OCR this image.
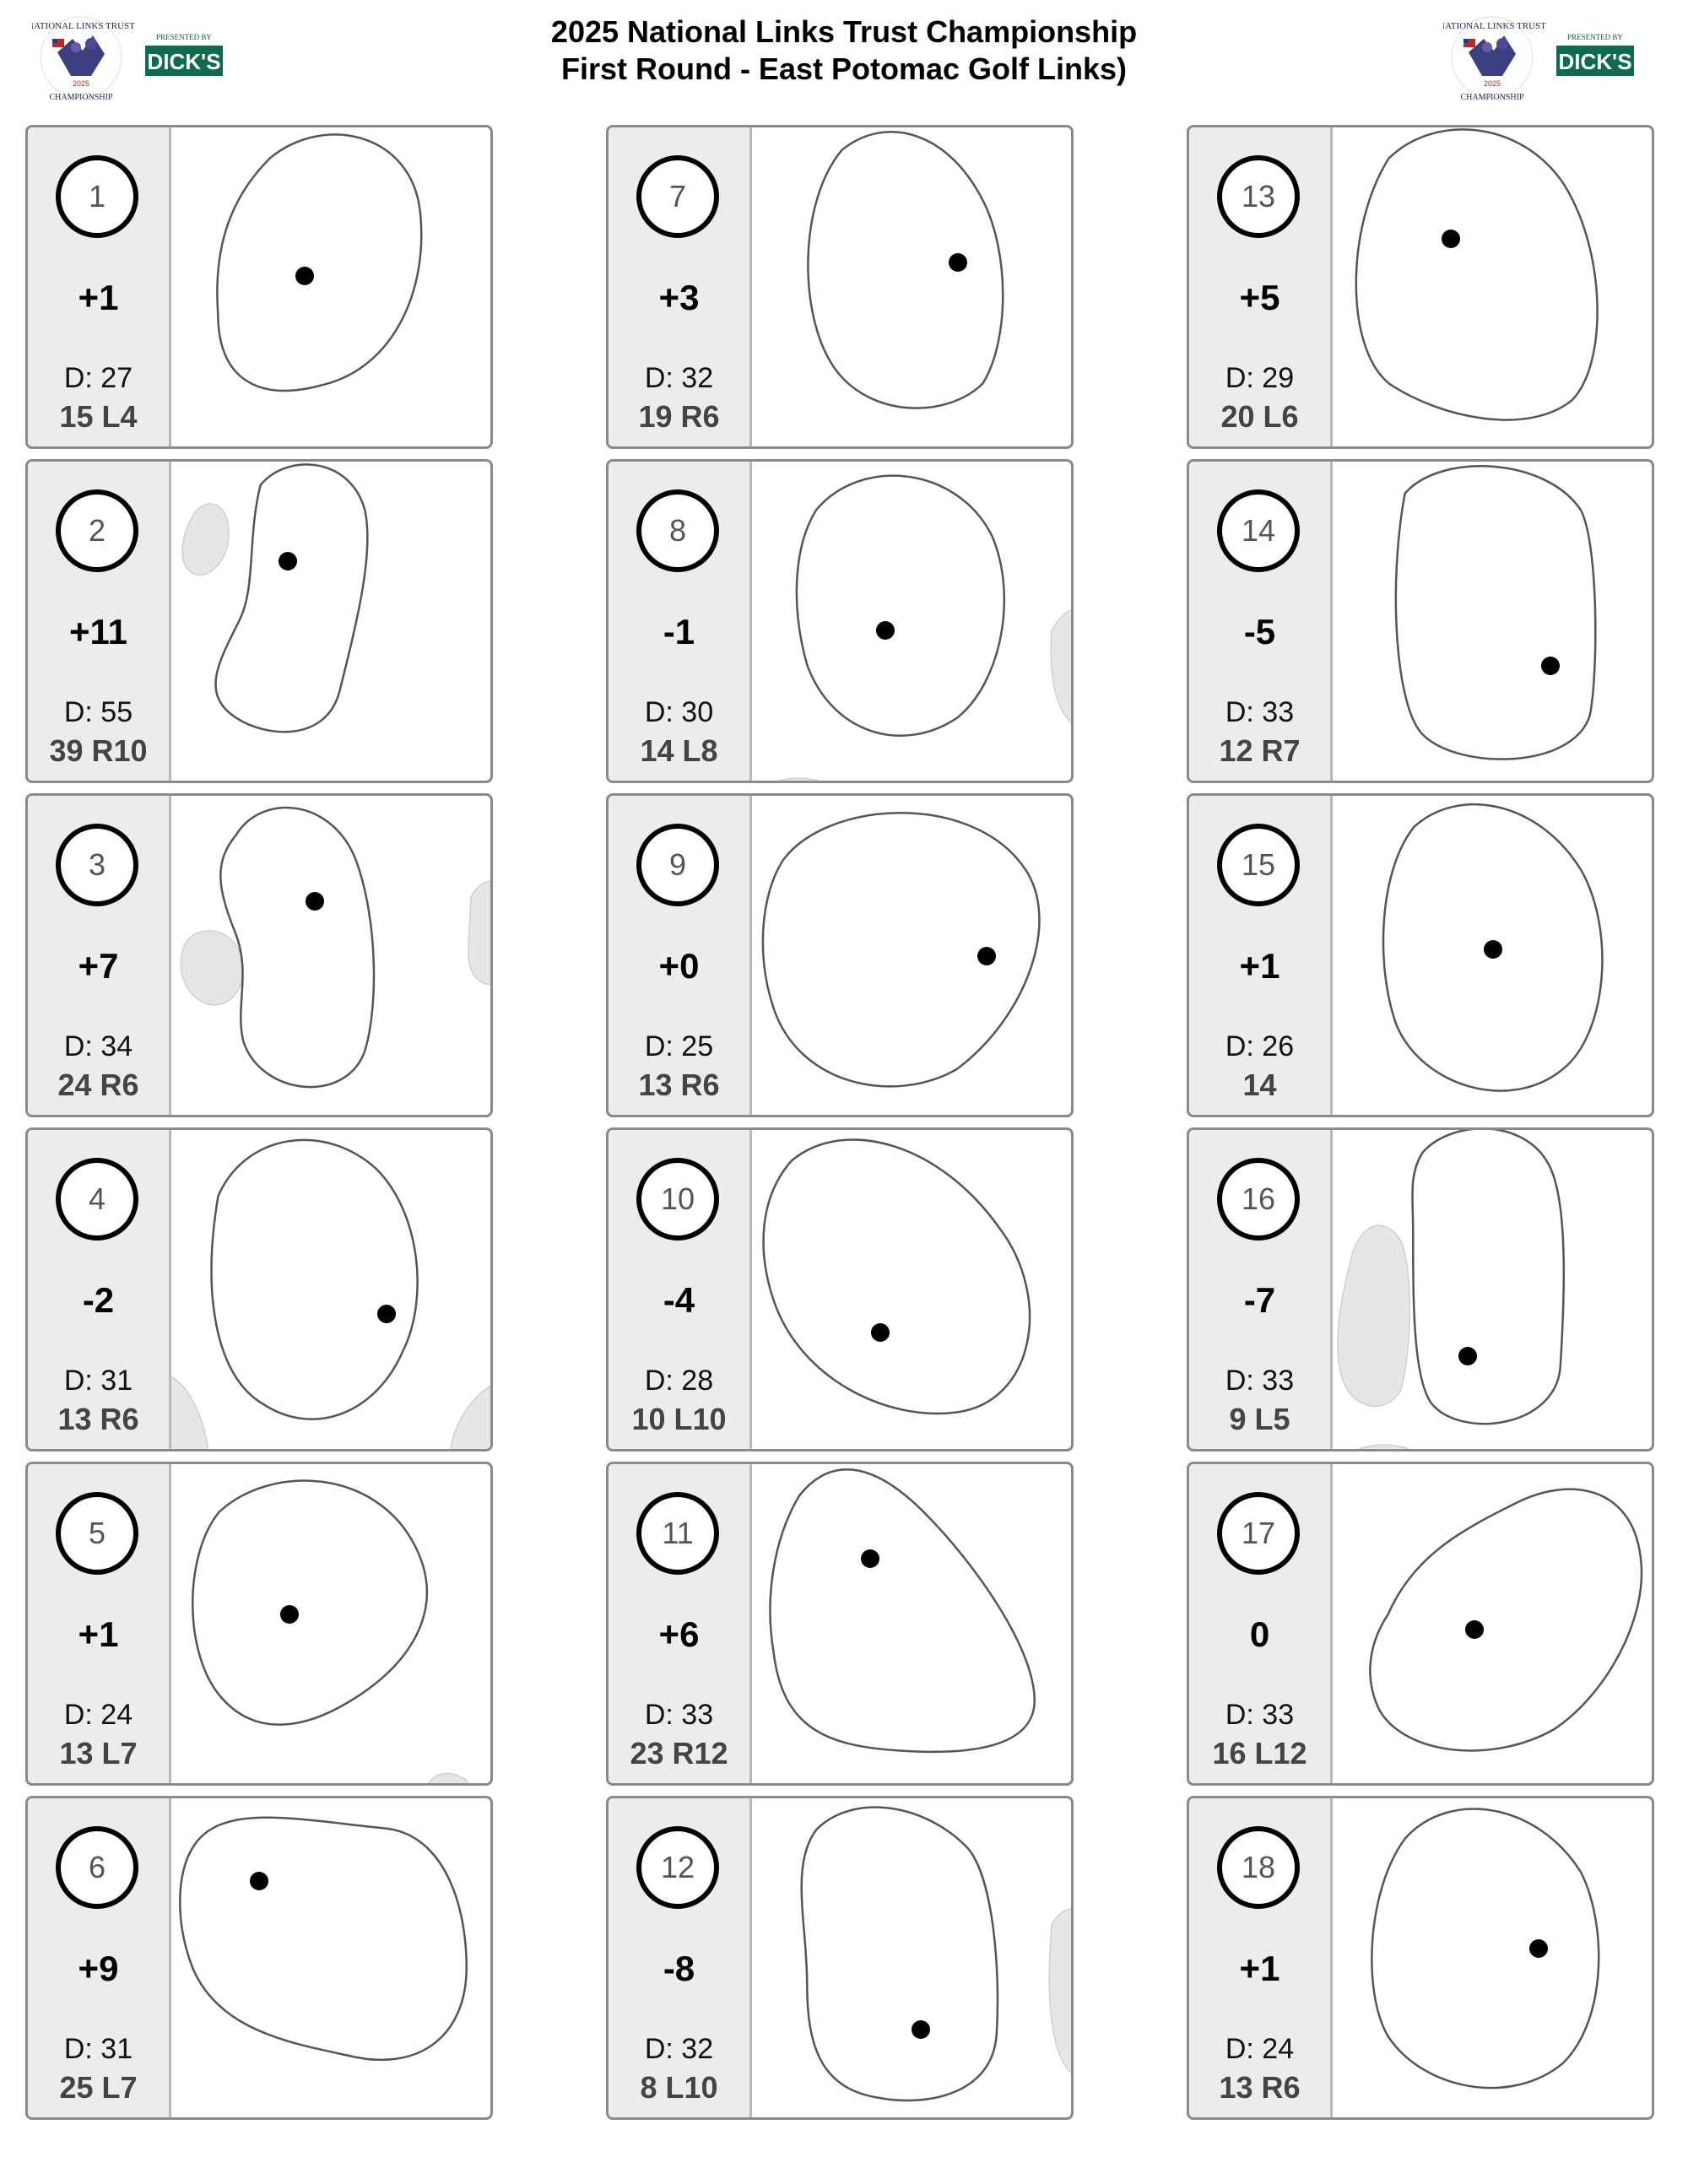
NATIONAL LINKS TRUST
2025
CHAMPIONSHIP
PRESENTED BY
DICK'S
2025 National Links Trust Championship
First Round - East Potomac Golf Links)
NATIONAL LINKS TRUST
2025
CHAMPIONSHIP
PRESENTED BY
DICK'S
1
+1
D: 27
15 L4
2
+11
D: 55
39 R10
3
+7
D: 34
24 R6
4
-2
D: 31
13 R6
5
+1
D: 24
13 L7
6
+9
D: 31
25 L7
7
+3
D: 32
19 R6
8
-1
D: 30
14 L8
9
+0
D: 25
13 R6
10
-4
D: 28
10 L10
11
+6
D: 33
23 R12
12
-8
D: 32
8 L10
13
+5
D: 29
20 L6
14
-5
D: 33
12 R7
15
+1
D: 26
14
16
-7
D: 33
9 L5
17
0
D: 33
16 L12
18
+1
D: 24
13 R6
